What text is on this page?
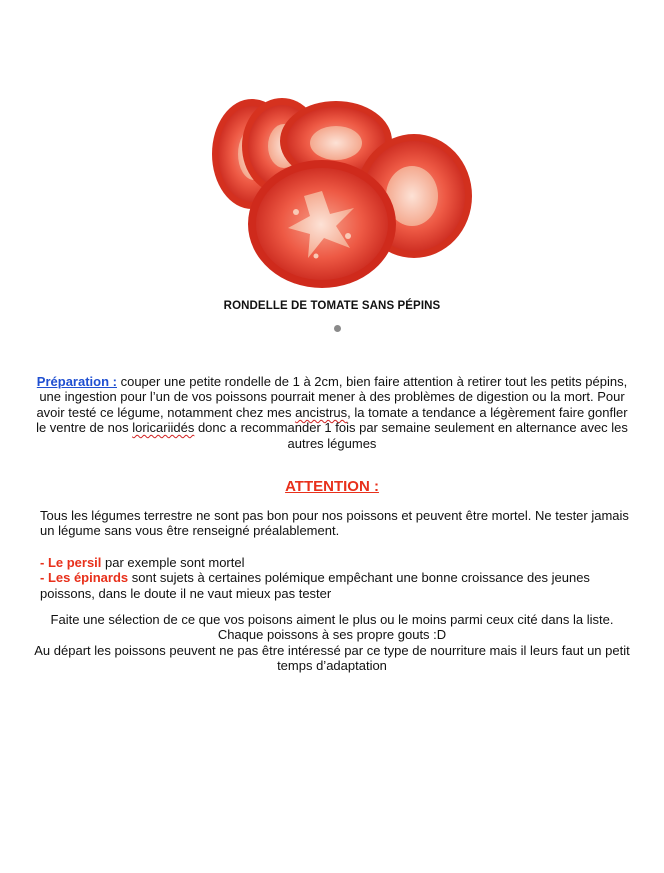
RONDELLE DE TOMATE SANS PÉPINS

Préparation : couper une petite rondelle de 1 à 2cm, bien faire attention à retirer tout les petits pépins, une ingestion pour l’un de vos poissons pourrait mener à des problèmes de digestion ou la mort. Pour avoir testé ce légume, notamment chez mes ancistrus, la tomate a tendance a légèrement faire gonfler le ventre de nos loricariidés donc a recommander 1 fois par semaine seulement en alternance avec les autres légumes

ATTENTION :

Tous les légumes terrestre ne sont pas bon pour nos poissons et peuvent être mortel. Ne tester jamais un légume sans vous être renseigné préalablement.

- Le persil par exemple sont mortel

- Les épinards sont sujets à certaines polémique empêchant une bonne croissance des jeunes poissons, dans le doute il ne vaut mieux pas tester

Faite une sélection de ce que vos poisons aiment le plus ou le moins parmi ceux cité dans la liste.

Chaque poissons à ses propre gouts :D

Au départ les poissons peuvent ne pas être intéressé par ce type de nourriture mais il leurs faut un petit temps d’adaptation
